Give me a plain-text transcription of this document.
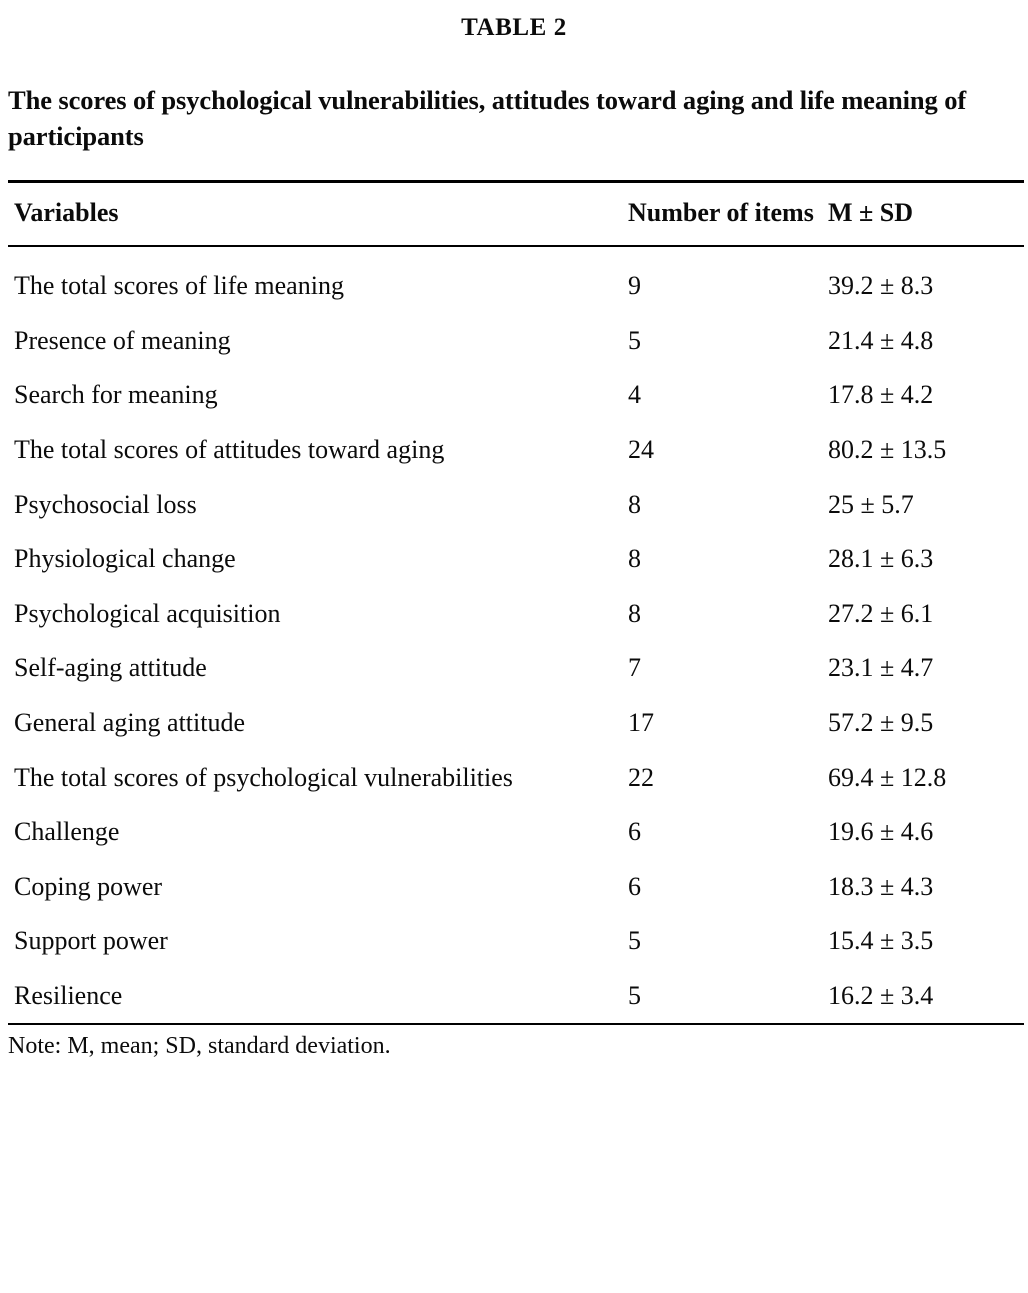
TABLE 2
The scores of psychological vulnerabilities, attitudes toward aging and life meaning of participants
Variables	Number of items	M ± SD
The total scores of life meaning	9	39.2 ± 8.3
Presence of meaning	5	21.4 ± 4.8
Search for meaning	4	17.8 ± 4.2
The total scores of attitudes toward aging	24	80.2 ± 13.5
Psychosocial loss	8	25 ± 5.7
Physiological change	8	28.1 ± 6.3
Psychological acquisition	8	27.2 ± 6.1
Self-aging attitude	7	23.1 ± 4.7
General aging attitude	17	57.2 ± 9.5
The total scores of psychological vulnerabilities	22	69.4 ± 12.8
Challenge	6	19.6 ± 4.6
Coping power	6	18.3 ± 4.3
Support power	5	15.4 ± 3.5
Resilience	5	16.2 ± 3.4
Note: M, mean; SD, standard deviation.
